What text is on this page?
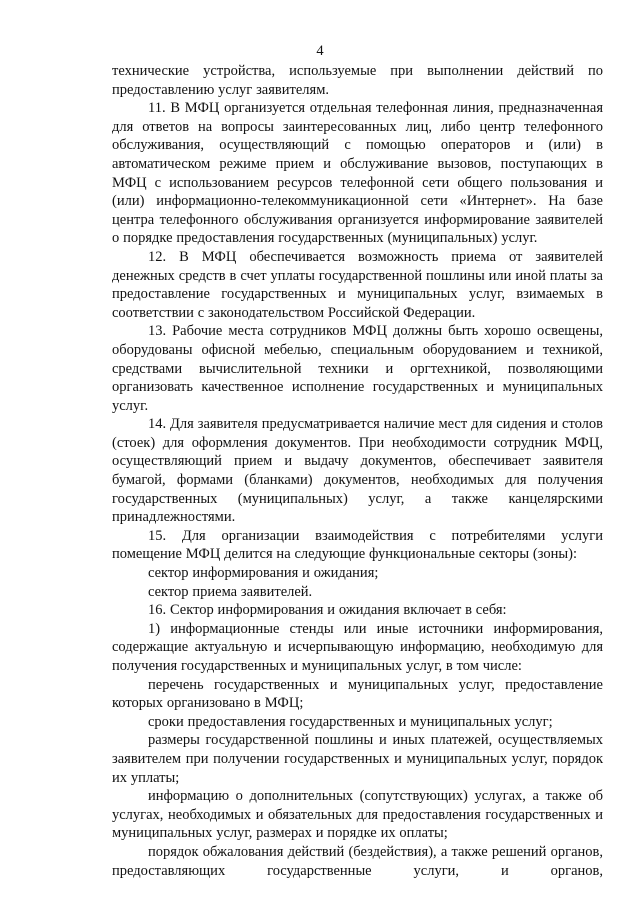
4

технические устройства, используемые при выполнении действий по предоставлению услуг заявителям.

11. В МФЦ организуется отдельная телефонная линия, предназначенная для ответов на вопросы заинтересованных лиц, либо центр телефонного обслуживания, осуществляющий с помощью операторов и (или) в автоматическом режиме прием и обслуживание вызовов, поступающих в МФЦ с использованием ресурсов телефонной сети общего пользования и (или) информационно-телекоммуникационной сети «Интернет». На базе центра телефонного обслуживания организуется информирование заявителей о порядке предоставления государственных (муниципальных) услуг.

12. В МФЦ обеспечивается возможность приема от заявителей денежных средств в счет уплаты государственной пошлины или иной платы за предоставление государственных и муниципальных услуг, взимаемых в соответствии с законодательством Российской Федерации.

13. Рабочие места сотрудников МФЦ должны быть хорошо освещены, оборудованы офисной мебелью, специальным оборудованием и техникой, средствами вычислительной техники и оргтехникой, позволяющими организовать качественное исполнение государственных и муниципальных услуг.

14. Для заявителя предусматривается наличие мест для сидения и столов (стоек) для оформления документов. При необходимости сотрудник МФЦ, осуществляющий прием и выдачу документов, обеспечивает заявителя бумагой, формами (бланками) документов, необходимых для получения государственных (муниципальных) услуг, а также канцелярскими принадлежностями.

15. Для организации взаимодействия с потребителями услуги помещение МФЦ делится на следующие функциональные секторы (зоны):

сектор информирования и ожидания;

сектор приема заявителей.

16. Сектор информирования и ожидания включает в себя:

1) информационные стенды или иные источники информирования, содержащие актуальную и исчерпывающую информацию, необходимую для получения государственных и муниципальных услуг, в том числе:

перечень государственных и муниципальных услуг, предоставление которых организовано в МФЦ;

сроки предоставления государственных и муниципальных услуг;

размеры государственной пошлины и иных платежей, осуществляемых заявителем при получении государственных и муниципальных услуг, порядок их уплаты;

информацию о дополнительных (сопутствующих) услугах, а также об услугах, необходимых и обязательных для предоставления государственных и муниципальных услуг, размерах и порядке их оплаты;

порядок обжалования действий (бездействия), а также решений органов, предоставляющих государственные услуги, и органов,
